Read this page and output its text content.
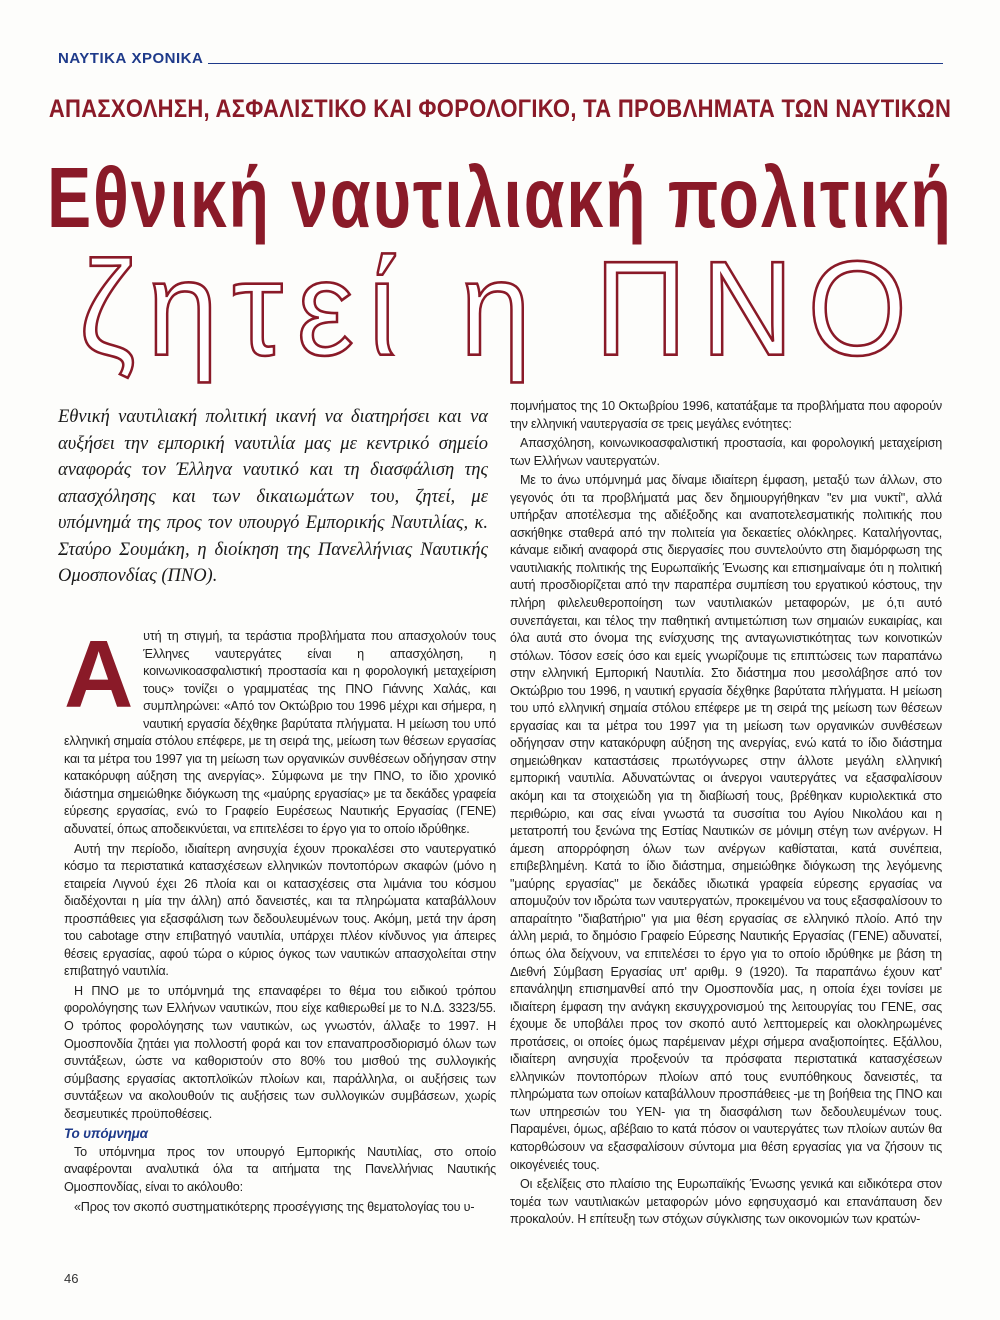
ΝΑΥΤΙΚΑ ΧΡΟΝΙΚΑ
ΑΠΑΣΧΟΛΗΣΗ, ΑΣΦΑΛΙΣΤΙΚΟ ΚΑΙ ΦΟΡΟΛΟΓΙΚΟ, ΤΑ ΠΡΟΒΛΗΜΑΤΑ ΤΩΝ ΝΑΥΤΙΚΩΝ
Εθνική ναυτιλιακή πολιτική
ζητεί η ΠΝΟ
Εθνική ναυτιλιακή πολιτική ικανή να διατηρήσει και να αυξήσει την εμπορική ναυτιλία μας με κεντρικό σημείο αναφοράς τον Έλληνα ναυτικό και τη διασφάλιση της απασχόλησης και των δικαιωμάτων του, ζητεί, με υπόμνημά της προς τον υπουργό Εμπορικής Ναυτιλίας, κ. Σταύρο Σουμάκη, η διοίκηση της Πανελλήνιας Ναυτικής Ομοσπονδίας (ΠΝΟ).
Α υτή τη στιγμή, τα τεράστια προβλήματα που απασχολούν τους Έλληνες ναυτεργάτες είναι η απασχόληση, η κοινωνικοασφαλιστική προστασία και η φορολογική μεταχείριση τους» τονίζει ο γραμματέας της ΠΝΟ Γιάννης Χαλάς, και συμπληρώνει: «Από τον Οκτώβριο του 1996 μέχρι και σήμερα, η ναυτική εργασία δέχθηκε βαρύτατα πλήγματα. Η μείωση του υπό ελληνική σημαία στόλου επέφερε, με τη σειρά της, μείωση των θέσεων εργασίας και τα μέτρα του 1997 για τη μείωση των οργανικών συνθέσεων οδήγησαν στην κατακόρυφη αύξηση της ανεργίας». Σύμφωνα με την ΠΝΟ, το ίδιο χρονικό διάστημα σημειώθηκε διόγκωση της «μαύρης εργασίας» με τα δεκάδες γραφεία εύρεσης εργασίας, ενώ το Γραφείο Ευρέσεως Ναυτικής Εργασίας (ΓΕΝΕ) αδυνατεί, όπως αποδεικνύεται, να επιτελέσει το έργο για το οποίο ιδρύθηκε.

Αυτή την περίοδο, ιδιαίτερη ανησυχία έχουν προκαλέσει στο ναυτεργατικό κόσμο τα περιστατικά κατασχέσεων ελληνικών ποντοπόρων σκαφών (μόνο η εταιρεία Λιγνού έχει 26 πλοία και οι κατασχέσεις στα λιμάνια του κόσμου διαδέχονται η μία την άλλη) από δανειστές, και τα πληρώματα καταβάλλουν προσπάθειες για εξασφάλιση των δεδουλευμένων τους. Ακόμη, μετά την άρση του cabotage στην επιβατηγό ναυτιλία, υπάρχει πλέον κίνδυνος για άπειρες θέσεις εργασίας, αφού τώρα ο κύριος όγκος των ναυτικών απασχολείται στην επιβατηγό ναυτιλία.

Η ΠΝΟ με το υπόμνημά της επαναφέρει το θέμα του ειδικού τρόπου φορολόγησης των Ελλήνων ναυτικών, που είχε καθιερωθεί με το Ν.Δ. 3323/55. Ο τρόπος φορολόγησης των ναυτικών, ως γνωστόν, άλλαξε το 1997. Η Ομοσπονδία ζητάει για πολλοστή φορά και τον επαναπροσδιορισμό όλων των συντάξεων, ώστε να καθοριστούν στο 80% του μισθού της συλλογικής σύμβασης εργασίας ακτοπλοϊκών πλοίων και, παράλληλα, οι αυξήσεις των συντάξεων να ακολουθούν τις αυξήσεις των συλλογικών συμβάσεων, χωρίς δεσμευτικές προϋποθέσεις.

Το υπόμνημα

Το υπόμνημα προς τον υπουργό Εμπορικής Ναυτιλίας, στο οποίο αναφέρονται αναλυτικά όλα τα αιτήματα της Πανελλήνιας Ναυτικής Ομοσπονδίας, είναι το ακόλουθο:

«Προς τον σκοπό συστηματικότερης προσέγγισης της θεματολογίας του υ-

πομνήματος της 10 Οκτωβρίου 1996, κατατάξαμε τα προβλήματα που αφορούν την ελληνική ναυτεργασία σε τρεις μεγάλες ενότητες:

Απασχόληση, κοινωνικοασφαλιστική προστασία, και φορολογική μεταχείριση των Ελλήνων ναυτεργατών.

Με το άνω υπόμνημά μας δίναμε ιδιαίτερη έμφαση, μεταξύ των άλλων, στο γεγονός ότι τα προβλήματά μας δεν δημιουργήθηκαν "εν μια νυκτί", αλλά υπήρξαν αποτέλεσμα της αδιέξοδης και αναποτελεσματικής πολιτικής που ασκήθηκε σταθερά από την πολιτεία για δεκαετίες ολόκληρες. Καταλήγοντας, κάναμε ειδική αναφορά στις διεργασίες που συντελούντο στη διαμόρφωση της ναυτιλιακής πολιτικής της Ευρωπαϊκής Ένωσης και επισημαίναμε ότι η πολιτική αυτή προσδιορίζεται από την παραπέρα συμπίεση του εργατικού κόστους, την πλήρη φιλελευθεροποίηση των ναυτιλιακών μεταφορών, με ό,τι αυτό συνεπάγεται, και τέλος την παθητική αντιμετώπιση των σημαιών ευκαιρίας, και όλα αυτά στο όνομα της ενίσχυσης της ανταγωνιστικότητας των κοινοτικών στόλων. Τόσον εσείς όσο και εμείς γνωρίζουμε τις επιπτώσεις των παραπάνω στην ελληνική Εμπορική Ναυτιλία. Στο διάστημα που μεσολάβησε από τον Οκτώβριο του 1996, η ναυτική εργασία δέχθηκε βαρύτατα πλήγματα. Η μείωση του υπό ελληνική σημαία στόλου επέφερε με τη σειρά της μείωση των θέσεων εργασίας και τα μέτρα του 1997 για τη μείωση των οργανικών συνθέσεων οδήγησαν στην κατακόρυφη αύξηση της ανεργίας, ενώ κατά το ίδιο διάστημα σημειώθηκαν καταστάσεις πρωτόγνωρες στην άλλοτε μεγάλη ελληνική εμπορική ναυτιλία. Αδυνατώντας οι άνεργοι ναυτεργάτες να εξασφαλίσουν ακόμη και τα στοιχειώδη για τη διαβίωσή τους, βρέθηκαν κυριολεκτικά στο περιθώριο, και σας είναι γνωστά τα συσσίτια του Αγίου Νικολάου και η μετατροπή του ξενώνα της Εστίας Ναυτικών σε μόνιμη στέγη των ανέργων. Η άμεση απορρόφηση όλων των ανέργων καθίσταται, κατά συνέπεια, επιβεβλημένη. Κατά το ίδιο διάστημα, σημειώθηκε διόγκωση της λεγόμενης "μαύρης εργασίας" με δεκάδες ιδιωτικά γραφεία εύρεσης εργασίας να απομυζούν τον ιδρώτα των ναυτεργατών, προκειμένου να τους εξασφαλίσουν το απαραίτητο "διαβατήριο" για μια θέση εργασίας σε ελληνικό πλοίο. Από την άλλη μεριά, το δημόσιο Γραφείο Εύρεσης Ναυτικής Εργασίας (ΓΕΝΕ) αδυνατεί, όπως όλα δείχνουν, να επιτελέσει το έργο για το οποίο ιδρύθηκε με βάση τη Διεθνή Σύμβαση Εργασίας υπ' αριθμ. 9 (1920). Τα παραπάνω έχουν κατ' επανάληψη επισημανθεί από την Ομοσπονδία μας, η οποία έχει τονίσει με ιδιαίτερη έμφαση την ανάγκη εκσυγχρονισμού της λειτουργίας του ΓΕΝΕ, σας έχουμε δε υποβάλει προς τον σκοπό αυτό λεπτομερείς και ολοκληρωμένες προτάσεις, οι οποίες όμως παρέμειναν μέχρι σήμερα αναξιοποίητες. Εξάλλου, ιδιαίτερη ανησυχία προξενούν τα πρόσφατα περιστατικά κατασχέσεων ελληνικών ποντοπόρων πλοίων από τους ενυπόθηκους δανειστές, τα πληρώματα των οποίων καταβάλλουν προσπάθειες -με τη βοήθεια της ΠΝΟ και των υπηρεσιών του ΥΕΝ- για τη διασφάλιση των δεδουλευμένων τους. Παραμένει, όμως, αβέβαιο το κατά πόσον οι ναυτεργάτες των πλοίων αυτών θα κατορθώσουν να εξασφαλίσουν σύντομα μια θέση εργασίας για να ζήσουν τις οικογένειές τους.

Οι εξελίξεις στο πλαίσιο της Ευρωπαϊκής Ένωσης γενικά και ειδικότερα στον τομέα των ναυτιλιακών μεταφορών μόνο εφησυχασμό και επανάπαυση δεν προκαλούν. Η επίτευξη των στόχων σύγκλισης των οικονομιών των κρατών-

46
